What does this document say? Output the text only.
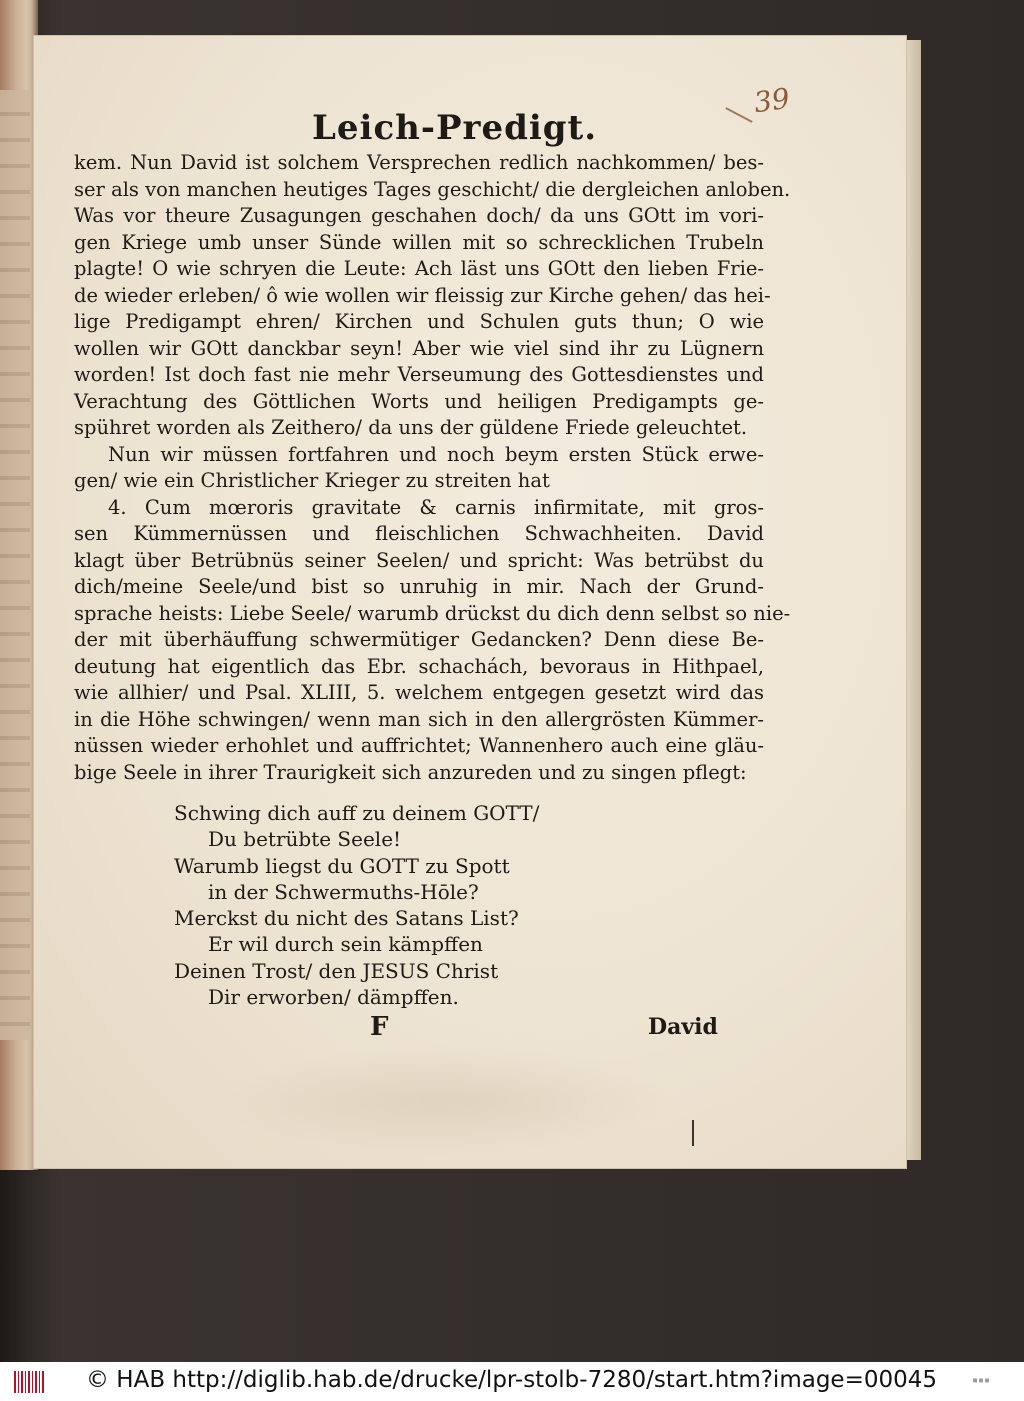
39
Leich-Predigt.
kem. Nun David ist solchem Versprechen redlich nachkommen/ bes-
ser als von manchen heutiges Tages geschicht/ die dergleichen anloben.
Was vor theure Zusagungen geschahen doch/ da uns GOtt im vori-
gen Kriege umb unser Sünde willen mit so schrecklichen Trubeln
plagte! O wie schryen die Leute: Ach läst uns GOtt den lieben Frie-
de wieder erleben/ ô wie wollen wir fleissig zur Kirche gehen/ das hei-
lige Predigampt ehren/ Kirchen und Schulen guts thun; O wie
wollen wir GOtt danckbar seyn! Aber wie viel sind ihr zu Lügnern
worden! Ist doch fast nie mehr Verseumung des Gottesdienstes und
Verachtung des Göttlichen Worts und heiligen Predigampts ge-
spühret worden als Zeithero/ da uns der güldene Friede geleuchtet.
Nun wir müssen fortfahren und noch beym ersten Stück erwe-
gen/ wie ein Christlicher Krieger zu streiten hat
4. Cum mœroris gravitate & carnis infirmitate, mit gros-
sen Kümmernüssen und fleischlichen Schwachheiten. David
klagt über Betrübnüs seiner Seelen/ und spricht: Was betrübst du
dich/meine Seele/und bist so unruhig in mir. Nach der Grund-
sprache heists: Liebe Seele/ warumb drückst du dich denn selbst so nie-
der mit überhäuffung schwermütiger Gedancken? Denn diese Be-
deutung hat eigentlich das Ebr. schachách, bevoraus in Hithpael,
wie allhier/ und Psal. XLIII, 5. welchem entgegen gesetzt wird das
in die Höhe schwingen/ wenn man sich in den allergrösten Kümmer-
nüssen wieder erhohlet und auffrichtet; Wannenhero auch eine gläu-
bige Seele in ihrer Traurigkeit sich anzureden und zu singen pflegt:
Schwing dich auff zu deinem GOTT/
Du betrübte Seele!
Warumb liegst du GOTT zu Spott
in der Schwermuths-Hōle?
Merckst du nicht des Satans List?
Er wil durch sein kämpffen
Deinen Trost/ den JESUS Christ
Dir erworben/ dämpffen.
F	David
© HAB http://diglib.hab.de/drucke/lpr-stolb-7280/start.htm?image=00045	▪▪▪
